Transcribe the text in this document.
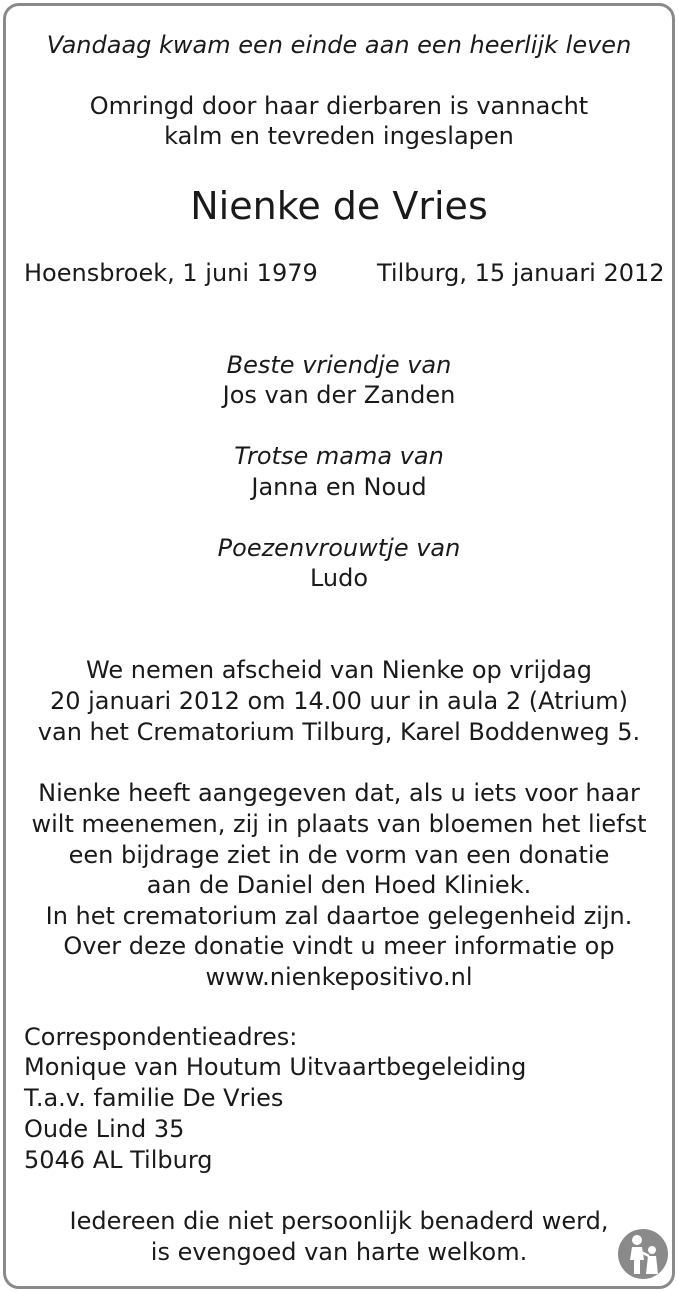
Vandaag kwam een einde aan een heerlijk leven
Omringd door haar dierbaren is vannacht
kalm en tevreden ingeslapen
Nienke de Vries
Hoensbroek, 1 juni 1979 Tilburg, 15 januari 2012
Beste vriendje van
Jos van der Zanden
Trotse mama van
Janna en Noud
Poezenvrouwtje van
Ludo
We nemen afscheid van Nienke op vrijdag
20 januari 2012 om 14.00 uur in aula 2 (Atrium)
van het Crematorium Tilburg, Karel Boddenweg 5.
Nienke heeft aangegeven dat, als u iets voor haar
wilt meenemen, zij in plaats van bloemen het liefst
een bijdrage ziet in de vorm van een donatie
aan de Daniel den Hoed Kliniek.
In het crematorium zal daartoe gelegenheid zijn.
Over deze donatie vindt u meer informatie op
www.nienkepositivo.nl
Correspondentieadres:
Monique van Houtum Uitvaartbegeleiding
T.a.v. familie De Vries
Oude Lind 35
5046 AL Tilburg
Iedereen die niet persoonlijk benaderd werd,
is evengoed van harte welkom.
